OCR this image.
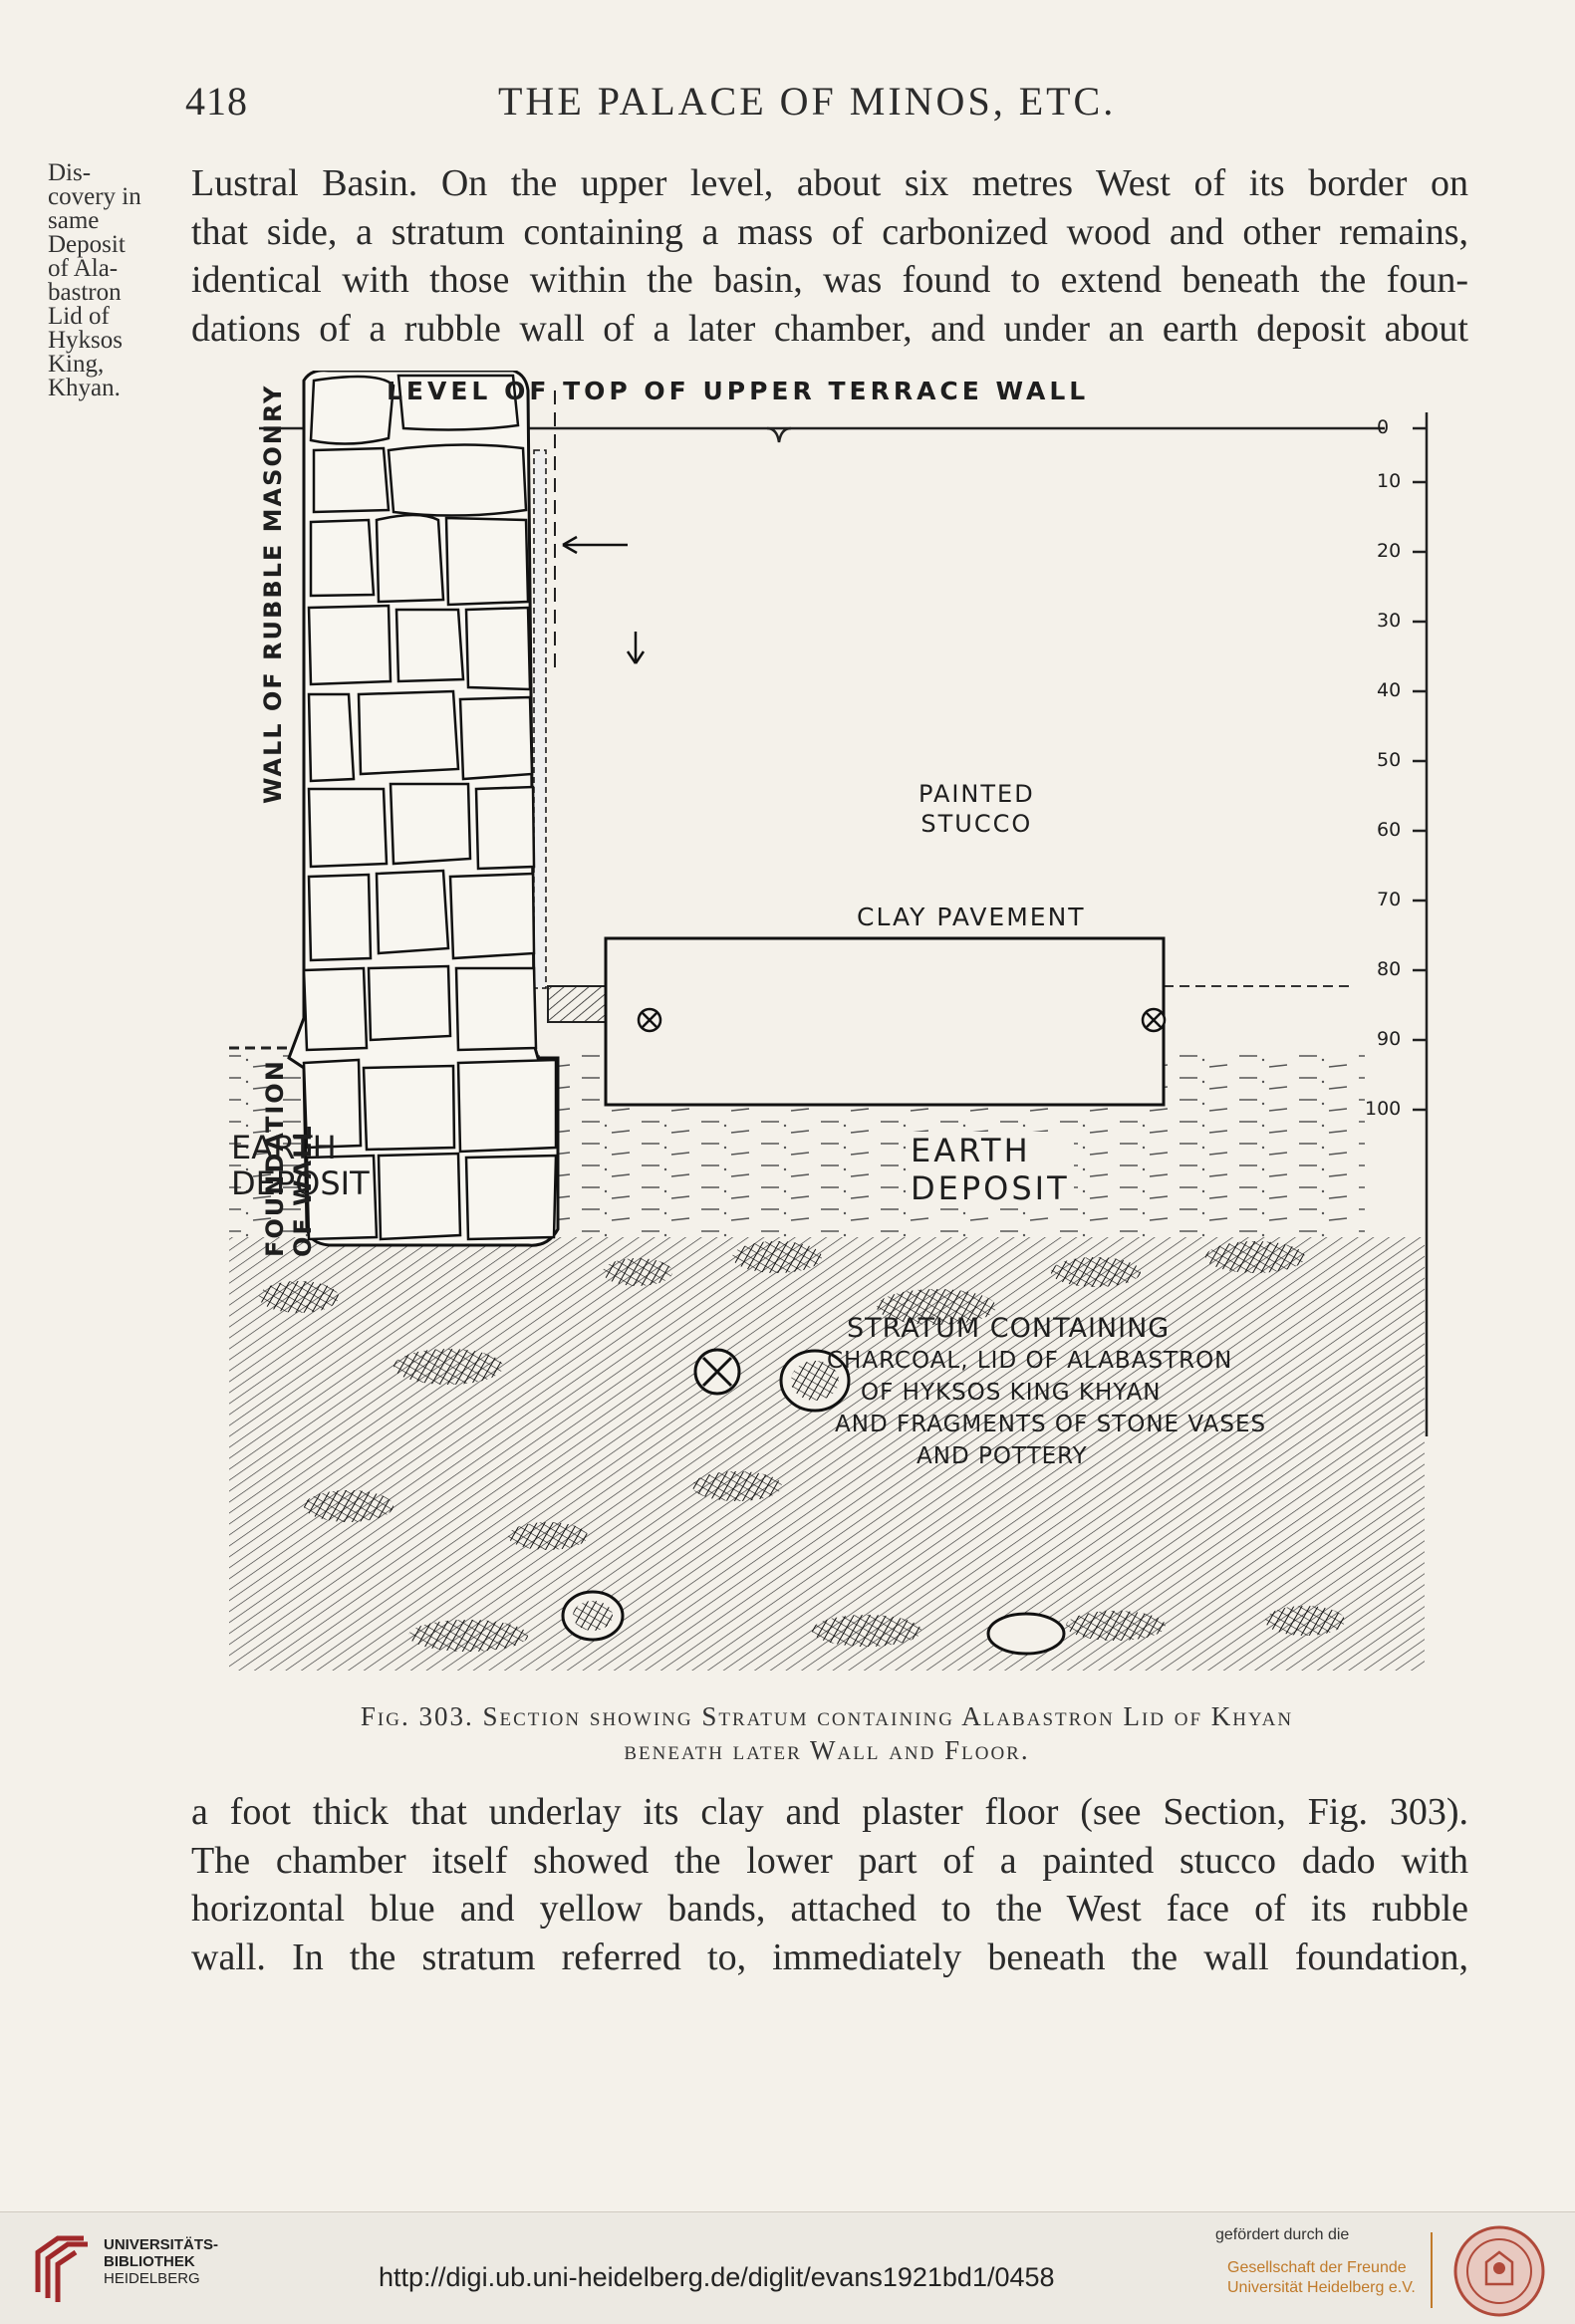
418	THE PALACE OF MINOS, ETC.
Dis-
covery in
same
Deposit
of Ala-
bastron
Lid of
Hyksos
King,
Khyan.

Lustral Basin. On the upper level, about six metres West of its border on

that side, a stratum containing a mass of carbonized wood and other remains,

identical with those within the basin, was found to extend beneath the foun-

dations of a rubble wall of a later chamber, and under an earth deposit about

LEVEL OF TOP OF UPPER TERRACE WALL
WALL OF RUBBLE MASONRY
FOUNDATION OF WALL
PAINTED
STUCCO
CLAY PAVEMENT
EARTH
DEPOSIT
EARTH
DEPOSIT
STRATUM CONTAINING
CHARCOAL, LID OF ALABASTRON
OF HYKSOS KING KHYAN
AND FRAGMENTS OF STONE VASES
AND POTTERY
0
10
20
30
40
50
60
70
80
90
100
Fig. 303. Section showing Stratum containing Alabastron Lid of Khyan
beneath later Wall and Floor.

a foot thick that underlay its clay and plaster floor (see Section, Fig. 303).

The chamber itself showed the lower part of a painted stucco dado with

horizontal blue and yellow bands, attached to the West face of its rubble

wall. In the stratum referred to, immediately beneath the wall foundation,

UNIVERSITÄTS-
BIBLIOTHEK
HEIDELBERG	http://digi.ub.uni-heidelberg.de/diglit/evans1921bd1/0458
gefördert durch die
Gesellschaft der Freunde
Universität Heidelberg e.V.
